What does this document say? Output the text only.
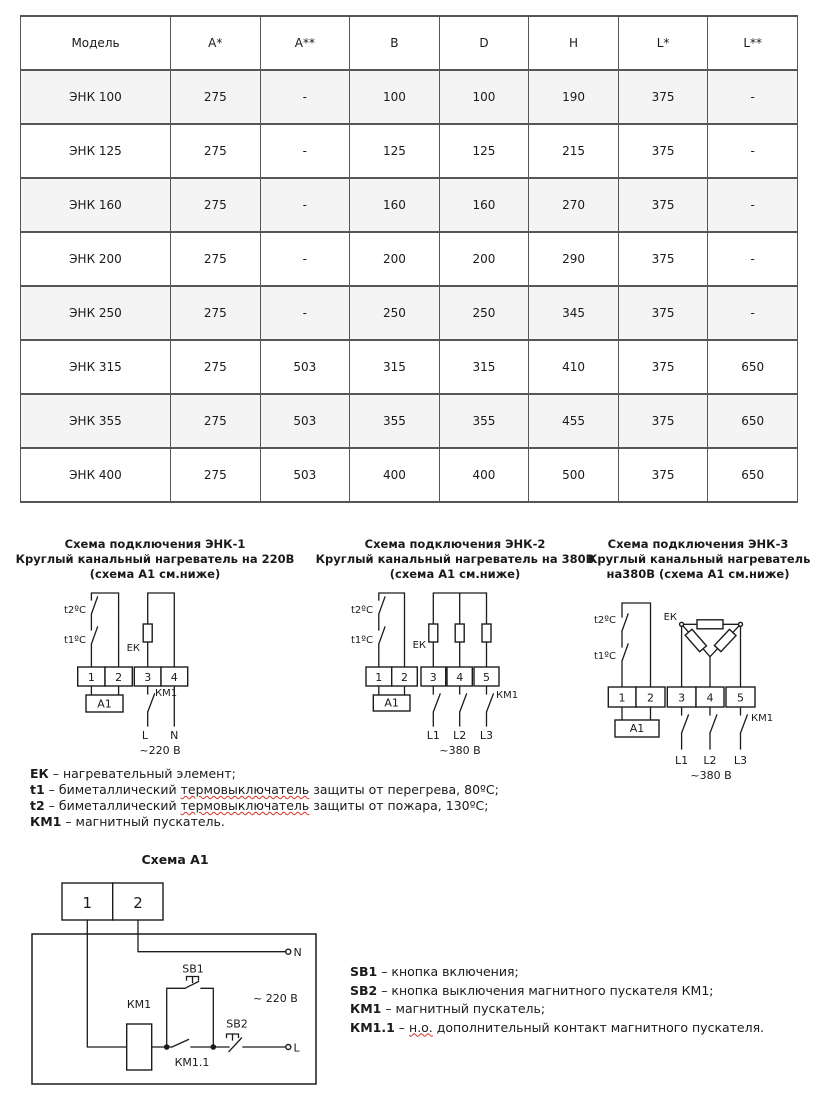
Модель	A*	A**	B	D	H	L*	L**
ЭНК 100	275	-	100	100	190	375	-
ЭНК 125	275	-	125	125	215	375	-
ЭНК 160	275	-	160	160	270	375	-
ЭНК 200	275	-	200	200	290	375	-
ЭНК 250	275	-	250	250	345	375	-
ЭНК 315	275	503	315	315	410	375	650
ЭНК 355	275	503	355	355	455	375	650
ЭНК 400	275	503	400	400	500	375	650
Схема подключения ЭНК-1
Круглый канальный нагреватель на 220В
(схема А1 см.ниже)
Схема подключения ЭНК-2
Круглый канальный нагреватель на 380В
(схема А1 см.ниже)
Схема подключения ЭНК-3
Круглый канальный нагреватель
на380В (схема А1 см.ниже)
1 2 3 4
t2ºC
t1ºC
ЕК
А1
КМ1
L N
~220 В
1 2 3 4 5
t2ºC
t1ºC	ЕК
А1
КМ1
L1 L2 L3
~380 В
1 2 3 4 5
t2ºC
t1ºC
ЕК
А1
КМ1
L1 L2 L3
~380 В
ЕК – нагревательный элемент;
t1 – биметаллический термовыключатель защиты от перегрева, 80ºС;
t2 – биметаллический термовыключатель защиты от пожара, 130ºС;
КМ1 – магнитный пускатель.
Схема А1
1	2
КМ1
SB1
SB2
КМ1.1
N
L
~ 220 В
SB1 – кнопка включения;
SB2 – кнопка выключения магнитного пускателя КМ1;
КМ1 – магнитный пускатель;
КМ1.1 – н.о. дополнительный контакт магнитного пускателя.
